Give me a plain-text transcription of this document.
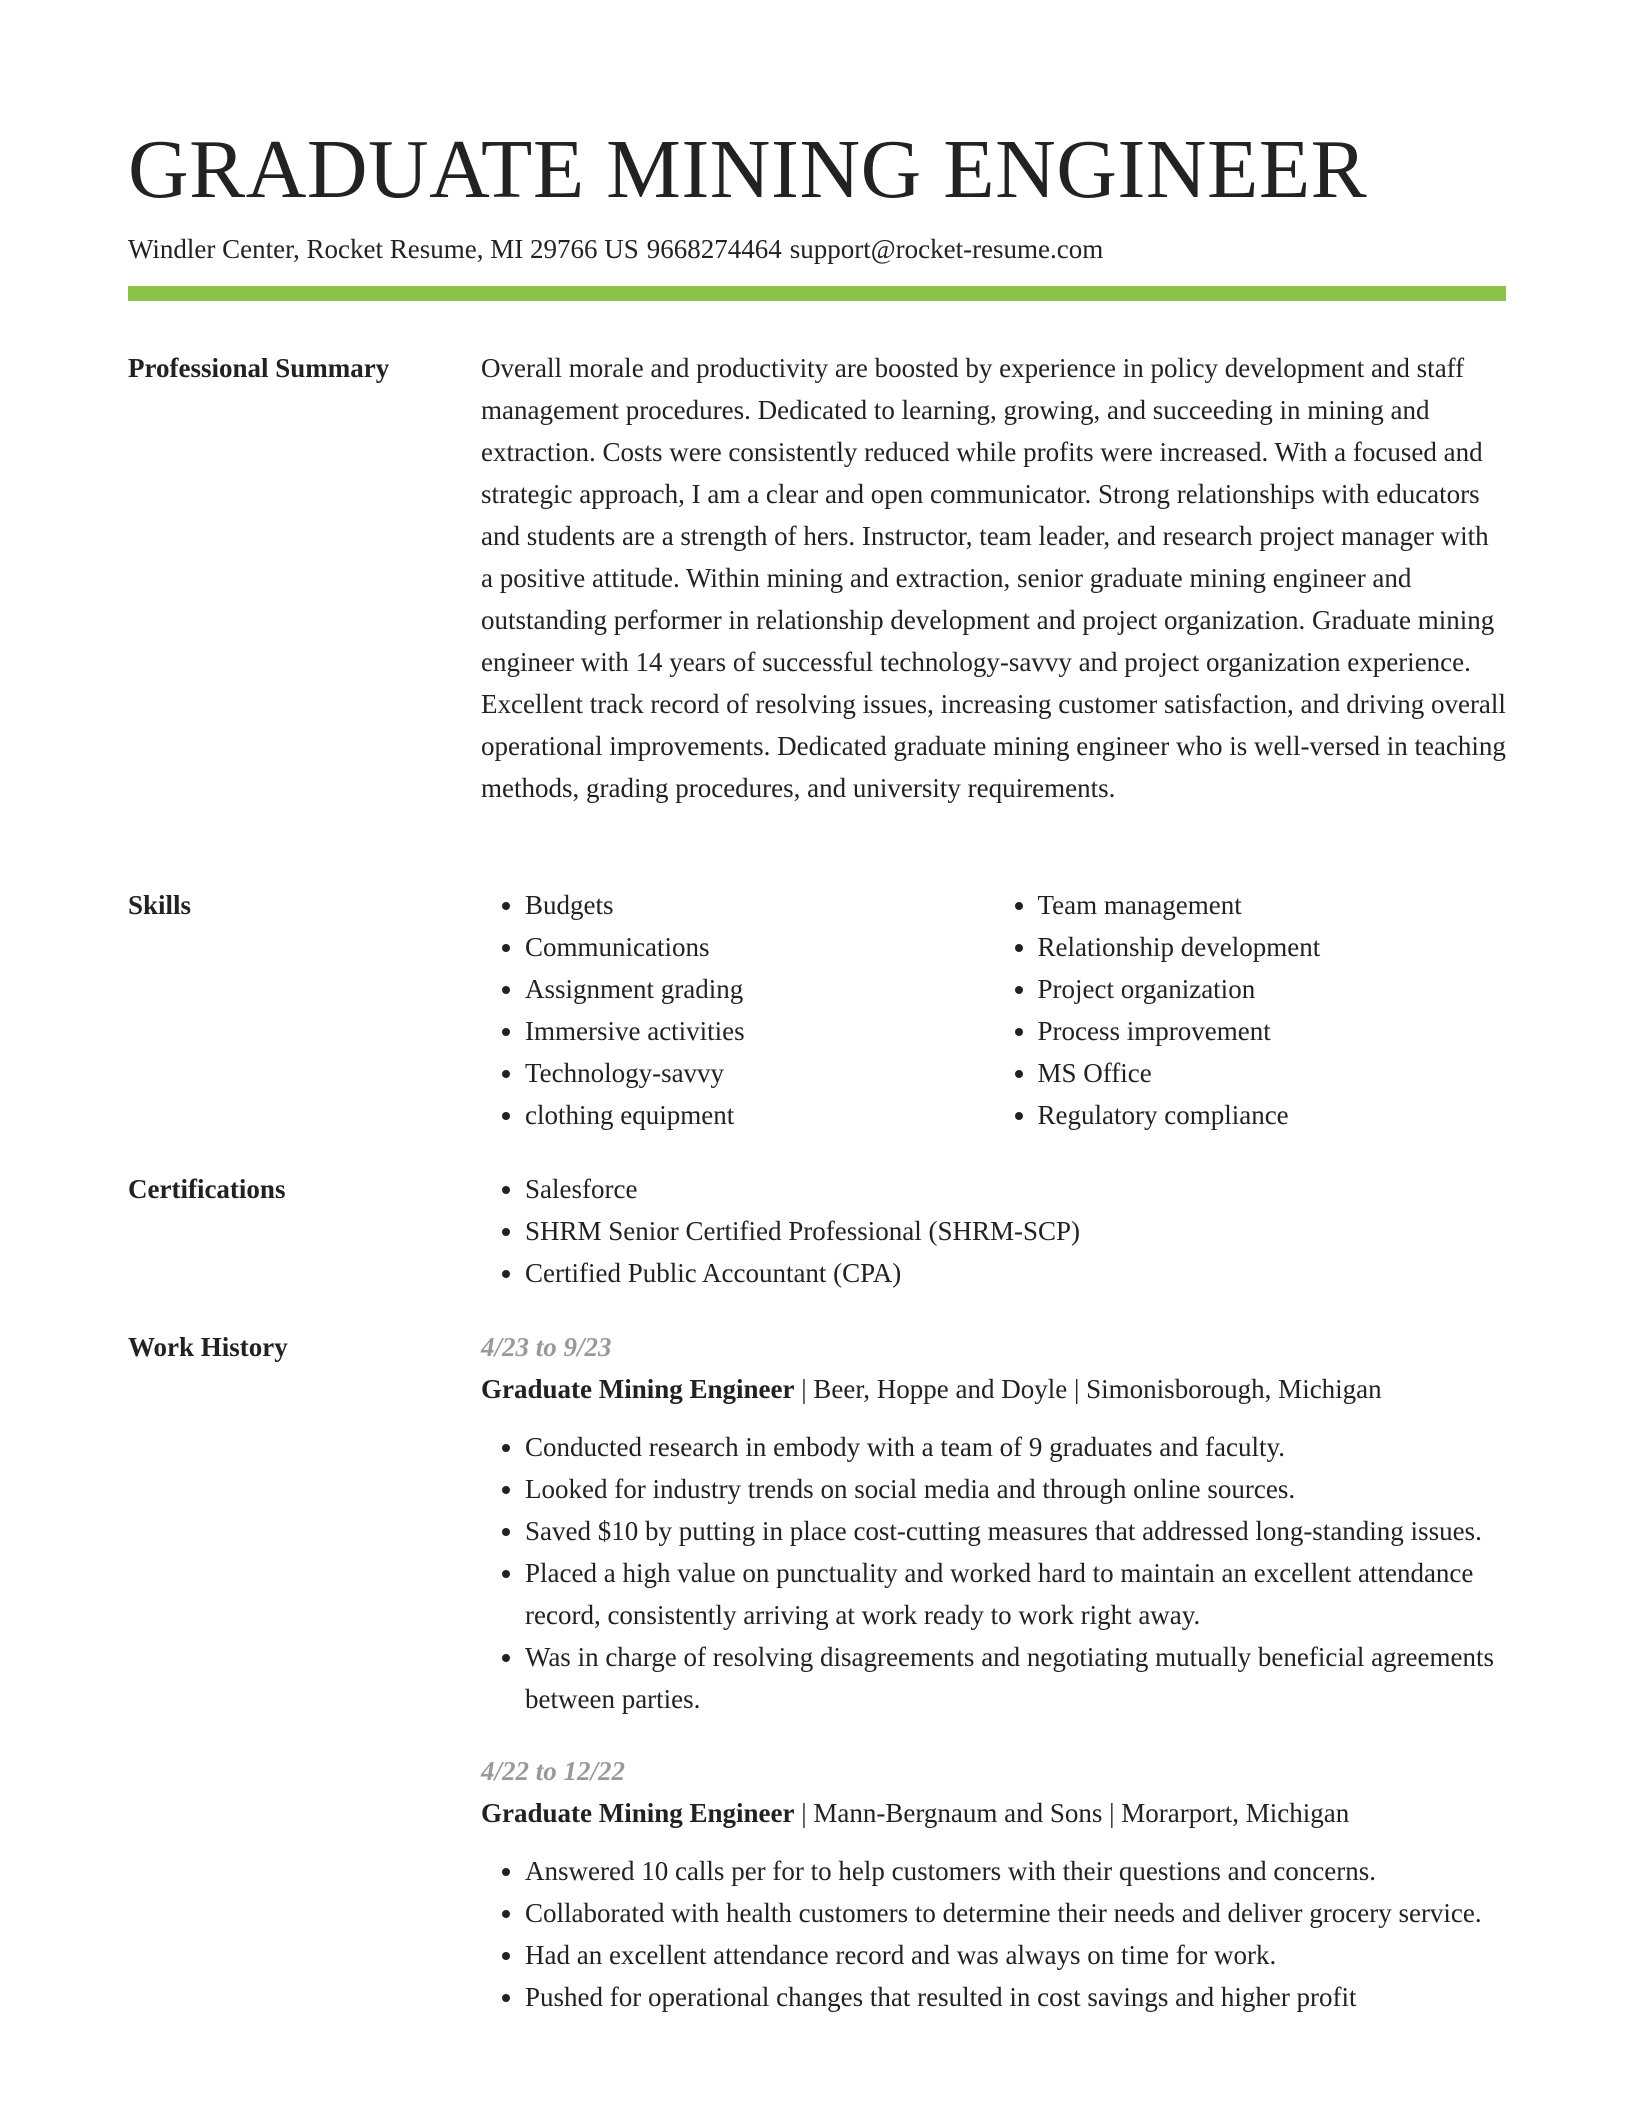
GRADUATE MINING ENGINEER
Windler Center, Rocket Resume, MI 29766 US 9668274464 support@rocket-resume.com
Professional Summary	Overall morale and productivity are boosted by experience in policy development and staff management procedures. Dedicated to learning, growing, and succeeding in mining and extraction. Costs were consistently reduced while profits were increased. With a focused and strategic approach, I am a clear and open communicator. Strong relationships with educators and students are a strength of hers. Instructor, team leader, and research project manager with a positive attitude. Within mining and extraction, senior graduate mining engineer and outstanding performer in relationship development and project organization. Graduate mining engineer with 14 years of successful technology-savvy and project organization experience. Excellent track record of resolving issues, increasing customer satisfaction, and driving overall operational improvements. Dedicated graduate mining engineer who is well-versed in teaching methods, grading procedures, and university requirements.

Skills	• Budgets
• Communications
• Assignment grading
• Immersive activities
• Technology-savvy
• clothing equipment
• Team management
• Relationship development
• Project organization
• Process improvement
• MS Office
• Regulatory compliance
Certifications	• Salesforce
• SHRM Senior Certified Professional (SHRM-SCP)
• Certified Public Accountant (CPA)
Work History	4/23 to 9/23
Graduate Mining Engineer | Beer, Hoppe and Doyle | Simonisborough, Michigan
• Conducted research in embody with a team of 9 graduates and faculty.
• Looked for industry trends on social media and through online sources.
• Saved $10 by putting in place cost-cutting measures that addressed long-standing issues.
• Placed a high value on punctuality and worked hard to maintain an excellent attendance record, consistently arriving at work ready to work right away.
• Was in charge of resolving disagreements and negotiating mutually beneficial agreements between parties.
4/22 to 12/22
Graduate Mining Engineer | Mann-Bergnaum and Sons | Morarport, Michigan
• Answered 10 calls per for to help customers with their questions and concerns.
• Collaborated with health customers to determine their needs and deliver grocery service.
• Had an excellent attendance record and was always on time for work.
• Pushed for operational changes that resulted in cost savings and higher profit
